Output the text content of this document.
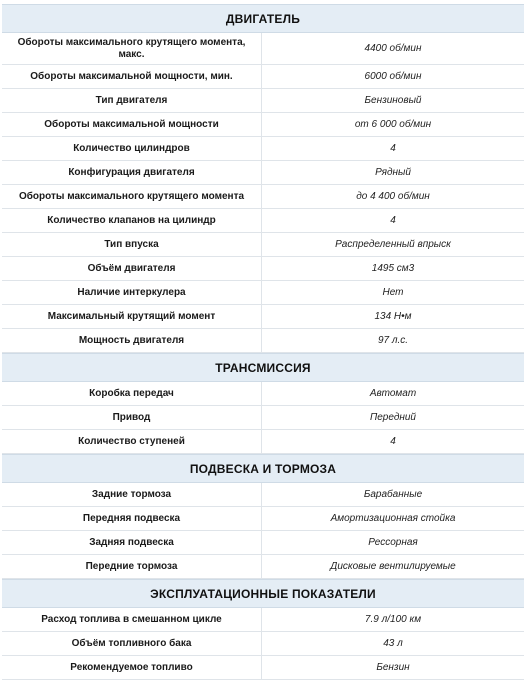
ДВИГАТЕЛЬ
Обороты максимального крутящего момента, макс.	4400 об/мин
Обороты максимальной мощности, мин.	6000 об/мин
Тип двигателя	Бензиновый
Обороты максимальной мощности	от 6 000 об/мин
Количество цилиндров	4
Конфигурация двигателя	Рядный
Обороты максимального крутящего момента	до 4 400 об/мин
Количество клапанов на цилиндр	4
Тип впуска	Распределенный впрыск
Объём двигателя	1495 см3
Наличие интеркулера	Нет
Максимальный крутящий момент	134 Н•м
Мощность двигателя	97 л.с.
ТРАНСМИССИЯ
Коробка передач	Автомат
Привод	Передний
Количество ступеней	4
ПОДВЕСКА И ТОРМОЗА
Задние тормоза	Барабанные
Передняя подвеска	Амортизационная стойка
Задняя подвеска	Рессорная
Передние тормоза	Дисковые вентилируемые
ЭКСПЛУАТАЦИОННЫЕ ПОКАЗАТЕЛИ
Расход топлива в смешанном цикле	7.9 л/100 км
Объём топливного бака	43 л
Рекомендуемое топливо	Бензин
